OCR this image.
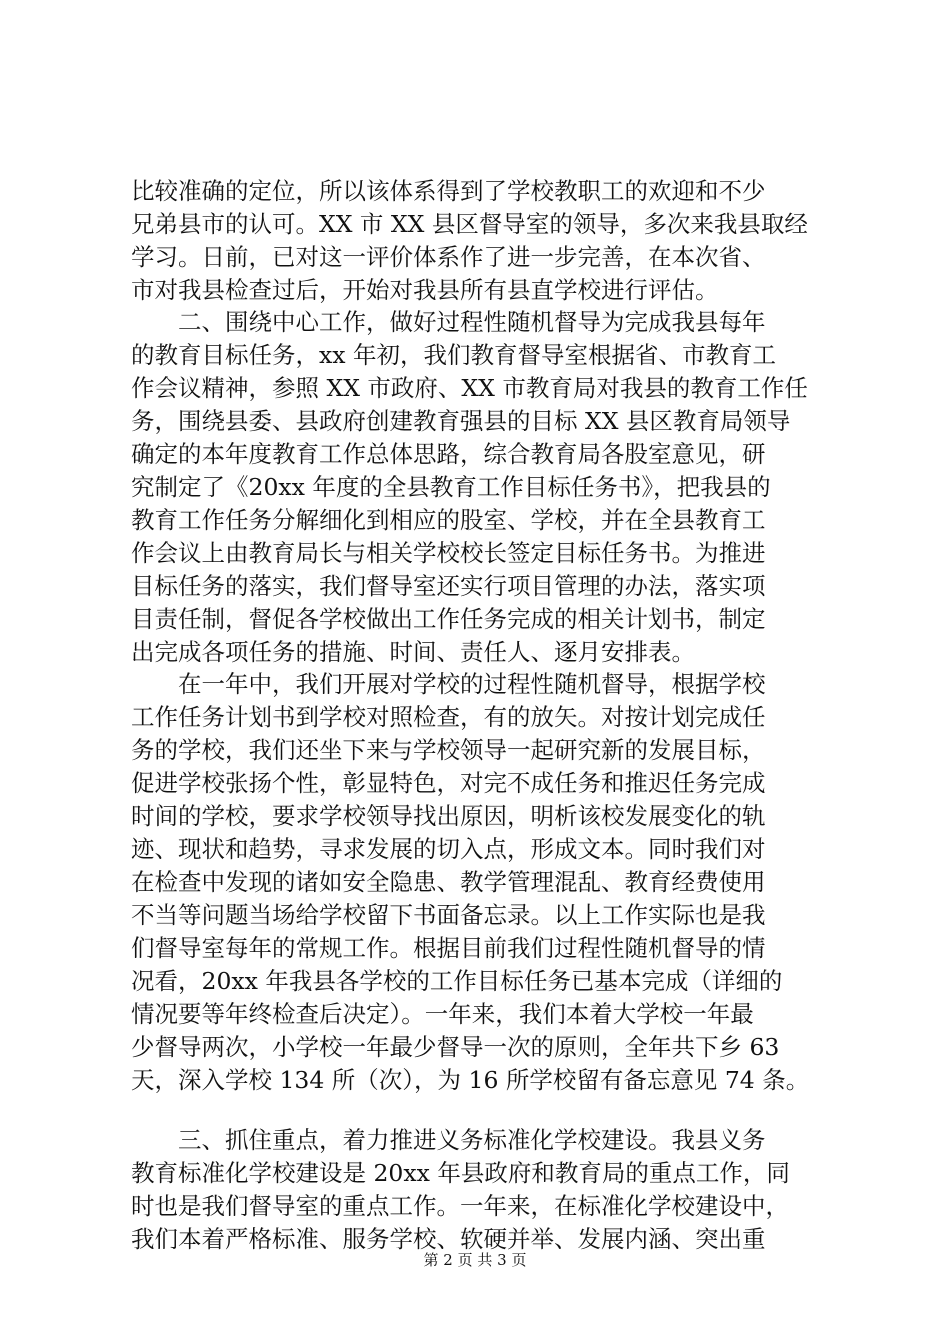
比较准确的定位，所以该体系得到了学校教职工的欢迎和不少
兄弟县市的认可。XX 市 XX 县区督导室的领导，多次来我县取经
学习。日前，已对这一评价体系作了进一步完善，在本次省、
市对我县检查过后，开始对我县所有县直学校进行评估。
二、围绕中心工作，做好过程性随机督导为完成我县每年
的教育目标任务，xx 年初，我们教育督导室根据省、市教育工
作会议精神，参照 XX 市政府、XX 市教育局对我县的教育工作任
务，围绕县委、县政府创建教育强县的目标 XX 县区教育局领导
确定的本年度教育工作总体思路，综合教育局各股室意见，研
究制定了《20xx 年度的全县教育工作目标任务书》，把我县的
教育工作任务分解细化到相应的股室、学校，并在全县教育工
作会议上由教育局长与相关学校校长签定目标任务书。为推进
目标任务的落实，我们督导室还实行项目管理的办法，落实项
目责任制，督促各学校做出工作任务完成的相关计划书，制定
出完成各项任务的措施、时间、责任人、逐月安排表。
在一年中，我们开展对学校的过程性随机督导，根据学校
工作任务计划书到学校对照检查，有的放矢。对按计划完成任
务的学校，我们还坐下来与学校领导一起研究新的发展目标，
促进学校张扬个性，彰显特色，对完不成任务和推迟任务完成
时间的学校，要求学校领导找出原因，明析该校发展变化的轨
迹、现状和趋势，寻求发展的切入点，形成文本。同时我们对
在检查中发现的诸如安全隐患、教学管理混乱、教育经费使用
不当等问题当场给学校留下书面备忘录。以上工作实际也是我
们督导室每年的常规工作。根据目前我们过程性随机督导的情
况看，20xx 年我县各学校的工作目标任务已基本完成（详细的
情况要等年终检查后决定）。一年来，我们本着大学校一年最
少督导两次，小学校一年最少督导一次的原则，全年共下乡 63
天，深入学校 134 所（次），为 16 所学校留有备忘意见 74 条。
三、抓住重点，着力推进义务标准化学校建设。我县义务
教育标准化学校建设是 20xx 年县政府和教育局的重点工作，同
时也是我们督导室的重点工作。一年来，在标准化学校建设中，
我们本着严格标准、服务学校、软硬并举、发展内涵、突出重
第 2 页 共 3 页
